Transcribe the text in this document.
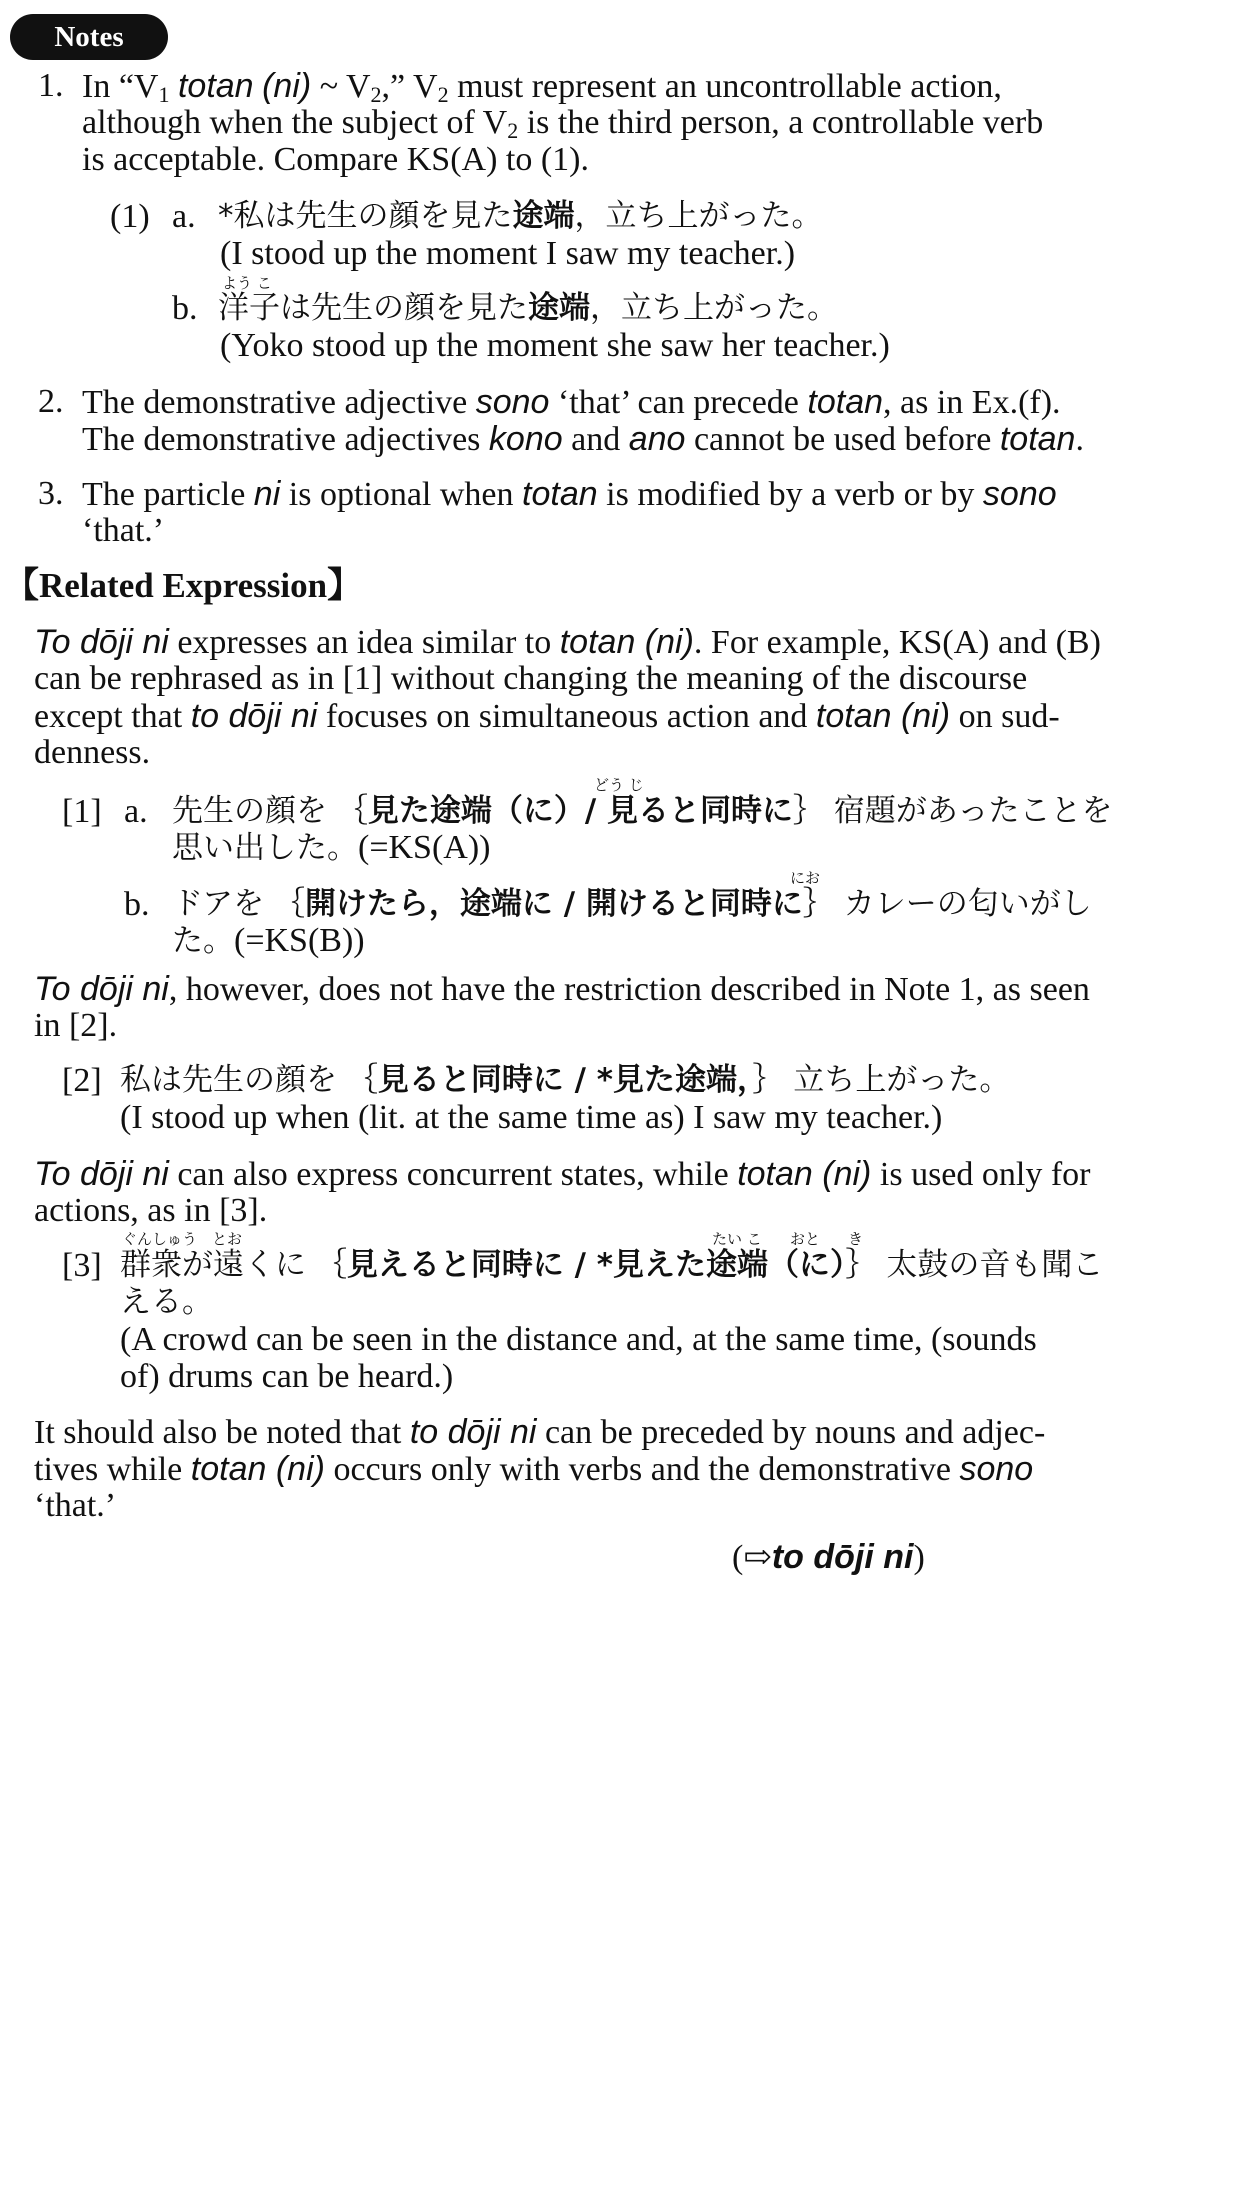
Notes
1. In “$V_1$ totan (ni) ~ $V_2$,” $V_2$ must represent an uncontrollable action,
although when the subject of $V_2$ is the third person, a controllable verb
is acceptable. Compare KS(A) to (1).
(1) a. *私は先生の顔を見た途端，立ち上がった。
(I stood up the moment I saw my teacher.)
よう こ
b. 洋子は先生の顔を見た途端，立ち上がった。
(Yoko stood up the moment she saw her teacher.)
2. The demonstrative adjective sono ‘that’ can precede totan, as in Ex.(f).
The demonstrative adjectives kono and ano cannot be used before totan.
3. The particle ni is optional when totan is modified by a verb or by sono
‘that.’
【Related Expression】
To dōji ni expresses an idea similar to totan (ni). For example, KS(A) and (B)
can be rephrased as in [1] without changing the meaning of the discourse
except that to dōji ni focuses on simultaneous action and totan (ni) on sud-
denness.
どう じ
[1] a. 先生の顔を ｛見た途端（に）/ 見ると同時に｝ 宿題があったことを
思い出した。(=KS(A))
にお
b. ドアを ｛開けたら，途端に / 開けると同時に｝ カレーの匂いがし
た。(=KS(B))
To dōji ni, however, does not have the restriction described in Note 1, as seen
in [2].
[2] 私は先生の顔を ｛見ると同時に / *見た途端，｝ 立ち上がった。
(I stood up when (lit. at the same time as) I saw my teacher.)
To dōji ni can also express concurrent states, while totan (ni) is used only for
actions, as in [3].
ぐんしゅう とお	たい こ おと き
[3] 群衆が遠くに ｛見えると同時に / *見えた途端（に）｝ 太鼓の音も聞こ
える。
(A crowd can be seen in the distance and, at the same time, (sounds
of) drums can be heard.)
It should also be noted that to dōji ni can be preceded by nouns and adjec-
tives while totan (ni) occurs only with verbs and the demonstrative sono
‘that.’
(⇨to dōji ni)
